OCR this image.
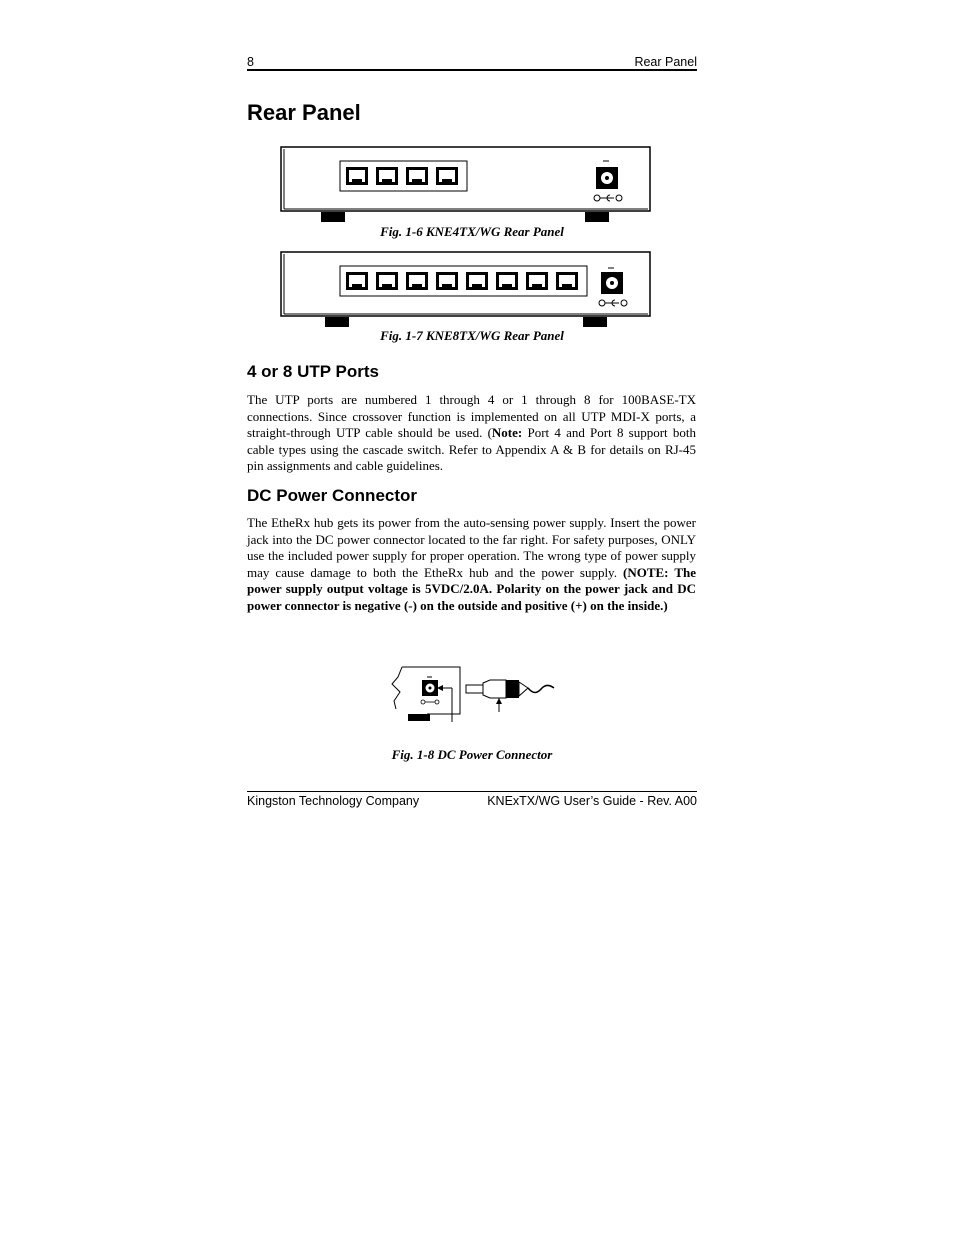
8	Rear Panel
Rear Panel
Fig. 1-6 KNE4TX/WG Rear Panel
Fig. 1-7 KNE8TX/WG Rear Panel
4 or 8 UTP Ports

The UTP ports are numbered 1 through 4 or 1 through 8 for 100BASE-TX connections. Since crossover function is implemented on all UTP MDI-X ports, a straight-through UTP cable should be used. (Note: Port 4 and Port 8 support both cable types using the cascade switch. Refer to Appendix A & B for details on RJ-45 pin assignments and cable guidelines.

DC Power Connector

The EtheRx hub gets its power from the auto-sensing power supply. Insert the power jack into the DC power connector located to the far right. For safety purposes, ONLY use the included power supply for proper operation. The wrong type of power supply may cause damage to both the EtheRx hub and the power supply. (NOTE: The power supply output voltage is 5VDC/2.0A. Polarity on the power jack and DC power connector is negative (-) on the outside and positive (+) on the inside.)

Fig. 1-8 DC Power Connector
Kingston Technology Company	KNExTX/WG User’s Guide - Rev. A00
